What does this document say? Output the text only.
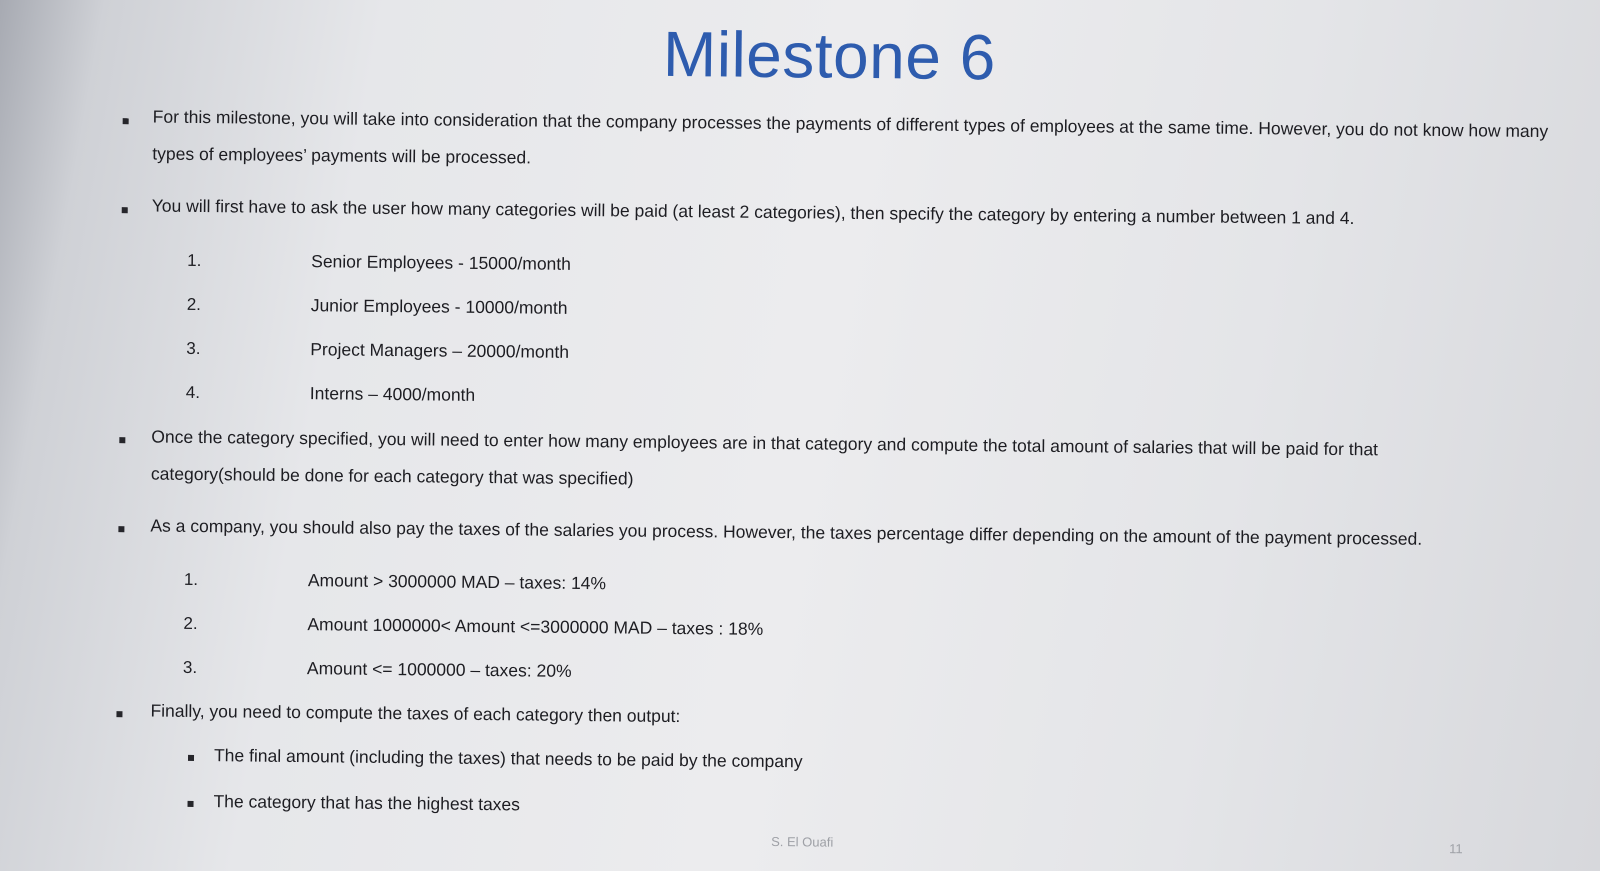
Milestone 6
For this milestone, you will take into consideration that the company processes the payments of different types of employees at the same time. However, you do not know how many types of employees’ payments will be processed.
You will first have to ask the user how many categories will be paid (at least 2 categories), then specify the category by entering a number between 1 and 4.
1.	Senior Employees - 15000/month
2.	Junior Employees - 10000/month
3.	Project Managers – 20000/month
4.	Interns – 4000/month
Once the category specified, you will need to enter how many employees are in that category and compute the total amount of salaries that will be paid for that category(should be done for each category that was specified)
As a company, you should also pay the taxes of the salaries you process. However, the taxes percentage differ depending on the amount of the payment processed.
1.	Amount > 3000000 MAD – taxes: 14%
2.	Amount 1000000< Amount <=3000000 MAD – taxes : 18%
3.	Amount <= 1000000 – taxes: 20%
Finally, you need to compute the taxes of each category then output:
The final amount (including the taxes) that needs to be paid by the company
The category that has the highest taxes
S. El Ouafi	11
